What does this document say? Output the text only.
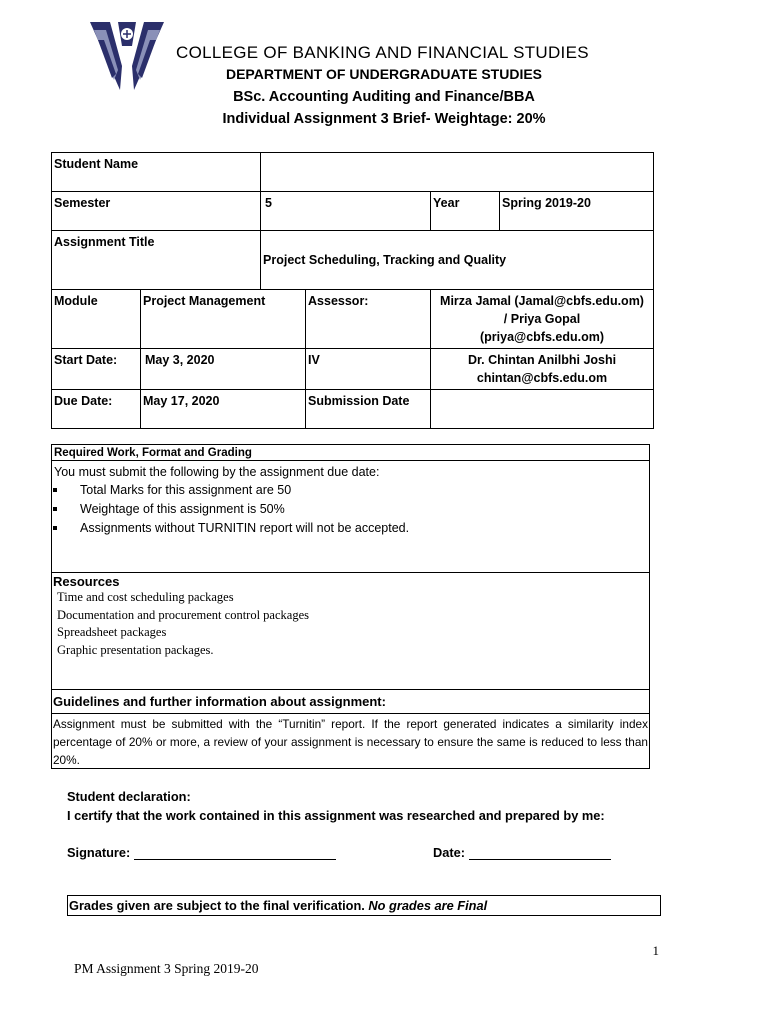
COLLEGE OF BANKING AND FINANCIAL STUDIES
DEPARTMENT OF UNDERGRADUATE STUDIES
BSc. Accounting Auditing and Finance/BBA
Individual Assignment 3 Brief- Weightage: 20%
Student Name					
Semester		5		Year	Spring 2019-20
Assignment Title		Project Scheduling, Tracking and Quality			
Module	Project Management		Assessor:	Mirza Jamal (Jamal@cbfs.edu.om)
/ Priya Gopal
(priya@cbfs.edu.om)	

Start Date:	May 3, 2020		IV	Dr. Chintan Anilbhi Joshi
chintan@cbfs.edu.om	

Due Date:	May 17, 2020		Submission Date		
Required Work, Format and Grading
You must submit the following by the assignment due date:
Total Marks for this assignment are 50
Weightage of this assignment is 50%
Assignments without TURNITIN report will not be accepted.
Resources
Time and cost scheduling packages
Documentation and procurement control packages
Spreadsheet packages
Graphic presentation packages.
Guidelines and further information about assignment:
Assignment must be submitted with the “Turnitin” report. If the report generated indicates a similarity index percentage of 20% or more, a review of your assignment is necessary to ensure the same is reduced to less than 20%.
Student declaration:
I certify that the work contained in this assignment was researched and prepared by me:
Signature:	Date:
Grades given are subject to the final verification. No grades are Final
1
PM Assignment 3 Spring 2019-20
